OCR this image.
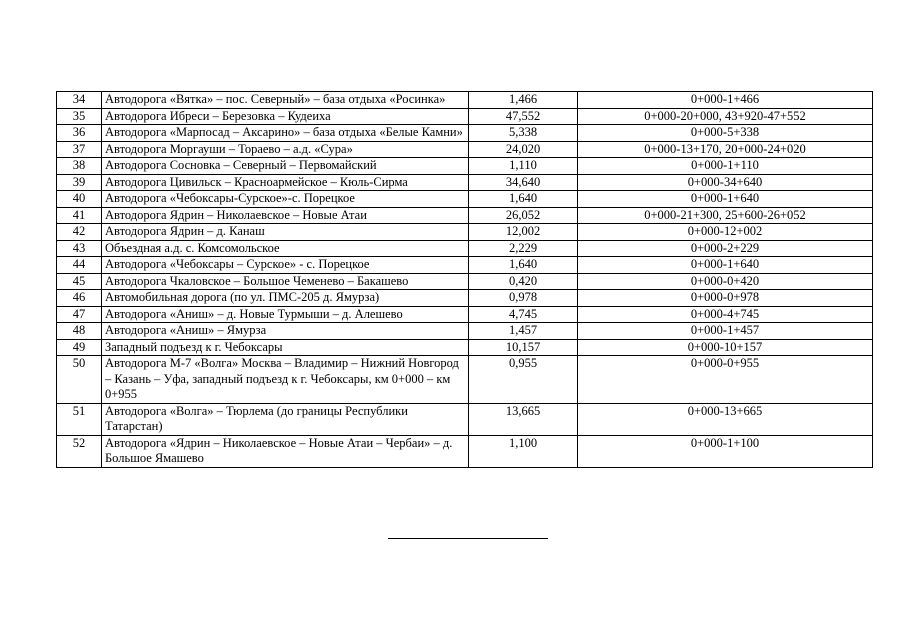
34	Автодорога «Вятка» – пос. Северный» – база отдыха «Росинка»	1,466	0+000-1+466
35	Автодорога Ибреси – Березовка – Кудеиха	47,552	0+000-20+000, 43+920-47+552
36	Автодорога «Марпосад – Аксарино» – база отдыха «Белые Камни»	5,338	0+000-5+338
37	Автодорога Моргауши – Тораево – а.д. «Сура»	24,020	0+000-13+170, 20+000-24+020
38	Автодорога Сосновка – Северный – Первомайский	1,110	0+000-1+110
39	Автодорога Цивильск – Красноармейское – Кюль-Сирма	34,640	0+000-34+640
40	Автодорога «Чебоксары-Сурское»-с. Порецкое	1,640	0+000-1+640
41	Автодорога Ядрин – Николаевское – Новые Атаи	26,052	0+000-21+300, 25+600-26+052
42	Автодорога Ядрин – д. Канаш	12,002	0+000-12+002
43	Объездная а.д. с. Комсомольское	2,229	0+000-2+229
44	Автодорога «Чебоксары – Сурское» - с. Порецкое	1,640	0+000-1+640
45	Автодорога Чкаловское – Большое Чеменево – Бакашево	0,420	0+000-0+420
46	Автомобильная дорога (по ул. ПМС-205 д. Ямурза)	0,978	0+000-0+978
47	Автодорога «Аниш» – д. Новые Турмыши – д. Алешево	4,745	0+000-4+745
48	Автодорога «Аниш» – Ямурза	1,457	0+000-1+457
49	Западный подъезд к г. Чебоксары	10,157	0+000-10+157
50	Автодорога М-7 «Волга» Москва – Владимир – Нижний Новгород – Казань – Уфа, западный подъезд к г. Чебоксары, км 0+000 – км 0+955	0,955	0+000-0+955
51	Автодорога «Волга» – Тюрлема (до границы Республики Татарстан)	13,665	0+000-13+665
52	Автодорога «Ядрин – Николаевское – Новые Атаи – Чербаи» – д. Большое Ямашево	1,100	0+000-1+100
